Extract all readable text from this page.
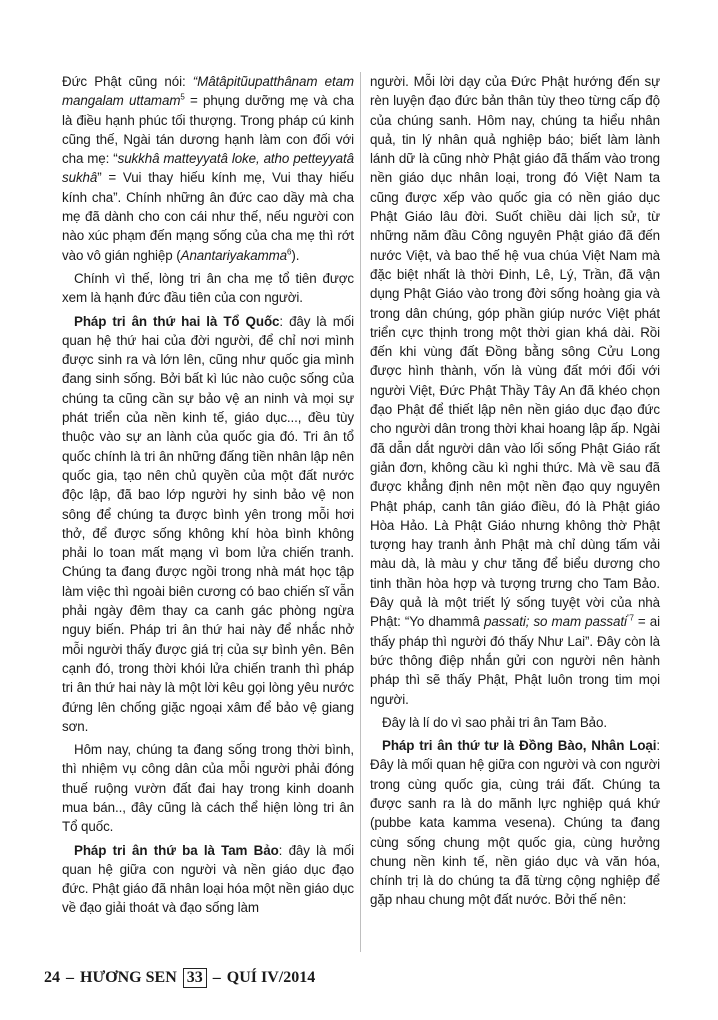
Đức Phật cũng nói: “Mâtâpitũupatthânam etam mangalam uttamam$^5$ = phụng dưỡng mẹ và cha là điều hạnh phúc tối thượng. Trong pháp cú kinh cũng thế, Ngài tán dương hạnh làm con đối với cha mẹ: “sukkhâ matteyyatâ loke, atho petteyyatâ sukhâ” = Vui thay hiếu kính mẹ, Vui thay hiếu kính cha”. Chính những ân đức cao dầy mà cha mẹ đã dành cho con cái như thế, nếu người con nào xúc phạm đến mạng sống của cha mẹ thì rớt vào vô gián nghiệp (Anantariyakamma$^6$).

Chính vì thế, lòng tri ân cha mẹ tổ tiên được xem là hạnh đức đầu tiên của con người.

Pháp tri ân thứ hai là Tổ Quốc: đây là mối quan hệ thứ hai của đời người, để chỉ nơi mình được sinh ra và lớn lên, cũng như quốc gia mình đang sinh sống. Bởi bất kì lúc nào cuộc sống của chúng ta cũng cần sự bảo vệ an ninh và mọi sự phát triển của nền kinh tế, giáo dục..., đều tùy thuộc vào sự an lành của quốc gia đó. Tri ân tổ quốc chính là tri ân những đấng tiền nhân lập nên quốc gia, tạo nên chủ quyền của một đất nước độc lập, đã bao lớp người hy sinh bảo vệ non sông để chúng ta được bình yên trong mỗi hơi thở, để được sống không khí hòa bình không phải lo toan mất mạng vì bom lửa chiến tranh. Chúng ta đang được ngồi trong nhà mát học tập làm việc thì ngoài biên cương có bao chiến sĩ vẫn phải ngày đêm thay ca canh gác phòng ngừa nguy biến. Pháp tri ân thứ hai này để nhắc nhở mỗi người thấy được giá trị của sự bình yên. Bên cạnh đó, trong thời khói lửa chiến tranh thì pháp tri ân thứ hai này là một lời kêu gọi lòng yêu nước đứng lên chống giặc ngoại xâm để bảo vệ giang sơn.

Hôm nay, chúng ta đang sống trong thời bình, thì nhiệm vụ công dân của mỗi người phải đóng thuế ruộng vườn đất đai hay trong kinh doanh mua bán.., đây cũng là cách thể hiện lòng tri ân Tổ quốc.

Pháp tri ân thứ ba là Tam Bảo: đây là mối quan hệ giữa con người và nền giáo dục đạo đức. Phật giáo đã nhân loại hóa một nền giáo dục về đạo giải thoát và đạo sống làm

người. Mỗi lời dạy của Đức Phật hướng đến sự rèn luyện đạo đức bản thân tùy theo từng cấp độ của chúng sanh. Hôm nay, chúng ta hiểu nhân quả, tin lý nhân quả nghiệp báo; biết làm lành lánh dữ là cũng nhờ Phật giáo đã thấm vào trong nền giáo dục nhân loại, trong đó Việt Nam ta cũng được xếp vào quốc gia có nền giáo dục Phật Giáo lâu đời. Suốt chiều dài lịch sử, từ những năm đầu Công nguyên Phật giáo đã đến nước Việt, và bao thế hệ vua chúa Việt Nam mà đặc biệt nhất là thời Đinh, Lê, Lý, Trần, đã vận dụng Phật Giáo vào trong đời sống hoàng gia và trong dân chúng, góp phần giúp nước Việt phát triển cực thịnh trong một thời gian khá dài. Rồi đến khi vùng đất Đồng bằng sông Cửu Long được hình thành, vốn là vùng đất mới đối với người Việt, Đức Phật Thầy Tây An đã khéo chọn đạo Phật để thiết lập nên nền giáo dục đạo đức cho người dân trong thời khai hoang lập ấp. Ngài đã dẫn dắt người dân vào lối sống Phật Giáo rất giản đơn, không cầu kì nghi thức. Mà về sau đã được khẳng định nên một nền đạo quy nguyên Phật pháp, canh tân giáo điều, đó là Phật giáo Hòa Hảo. Là Phật Giáo nhưng không thờ Phật tượng hay tranh ảnh Phật mà chỉ dùng tấm vải màu dà, là màu y chư tăng để biểu dương cho tinh thần hòa hợp và tượng trưng cho Tam Bảo. Đây quả là một triết lý sống tuyệt vời của nhà Phật: “Yo dhammâ passati; so mam passati$^{”7}$ = ai thấy pháp thì người đó thấy Như Lai”. Đây còn là bức thông điệp nhắn gửi con người nên hành pháp thì sẽ thấy Phật, Phật luôn trong tim mọi người.

Đây là lí do vì sao phải tri ân Tam Bảo.

Pháp tri ân thứ tư là Đồng Bào, Nhân Loại: Đây là mối quan hệ giữa con người và con người trong cùng quốc gia, cùng trái đất. Chúng ta được sanh ra là do mãnh lực nghiệp quá khứ (pubbe kata kamma vesena). Chúng ta đang cùng sống chung một quốc gia, cùng hưởng chung nền kinh tế, nền giáo dục và văn hóa, chính trị là do chúng ta đã từng cộng nghiệp để gặp nhau chung một đất nước. Bởi thế nên:

24 – HƯƠNG SEN 33 – QUÍ IV/2014
